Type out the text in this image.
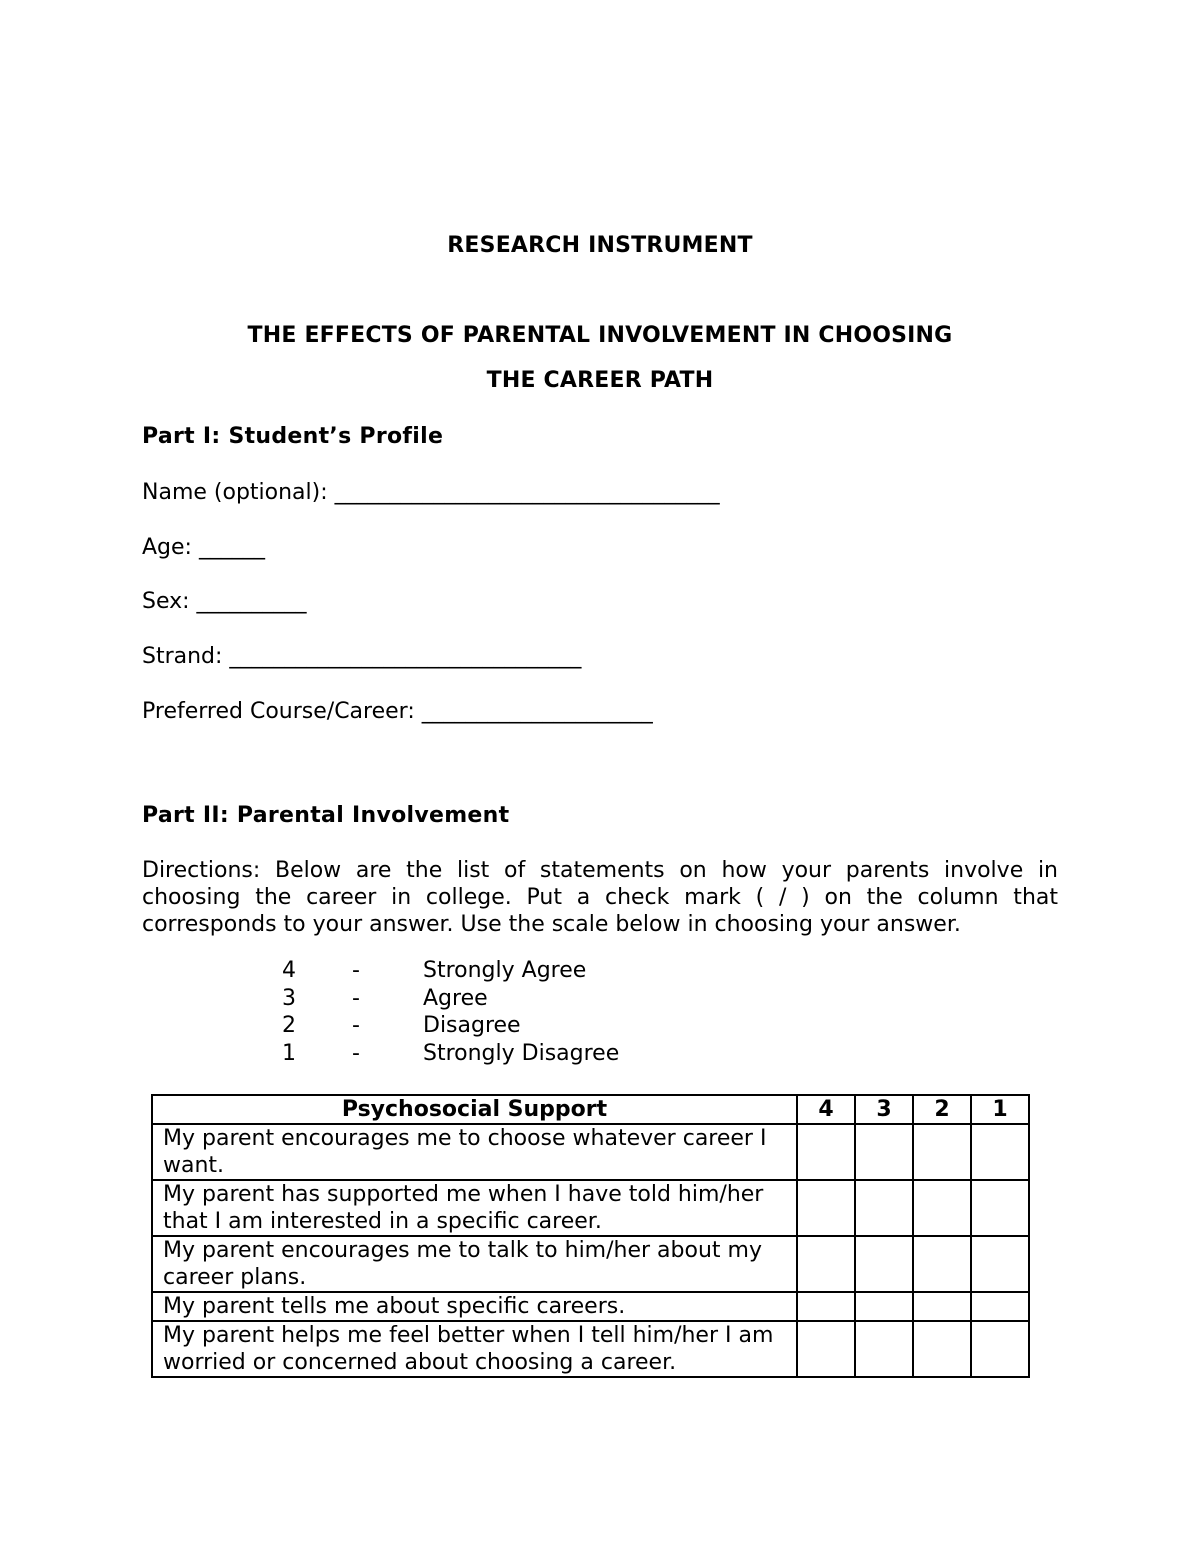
RESEARCH INSTRUMENT
THE EFFECTS OF PARENTAL INVOLVEMENT IN CHOOSING
THE CAREER PATH
Part I: Student’s Profile
Name (optional): ___________________________________
Age: ______
Sex: __________
Strand: ________________________________
Preferred Course/Career: _____________________
Part II: Parental Involvement
Directions: Below are the list of statements on how your parents involve in choosing the career in college. Put a check mark ( / ) on the column that corresponds to your answer. Use the scale below in choosing your answer.
4	-	Strongly Agree
3	-	Agree
2	-	Disagree
1	-	Strongly Disagree
Psychosocial Support	4	3	2	1
My parent encourages me to choose whatever career I want.				
My parent has supported me when I have told him/her that I am interested in a specific career.				
My parent encourages me to talk to him/her about my career plans.				
My parent tells me about specific careers.				
My parent helps me feel better when I tell him/her I am worried or concerned about choosing a career.				
